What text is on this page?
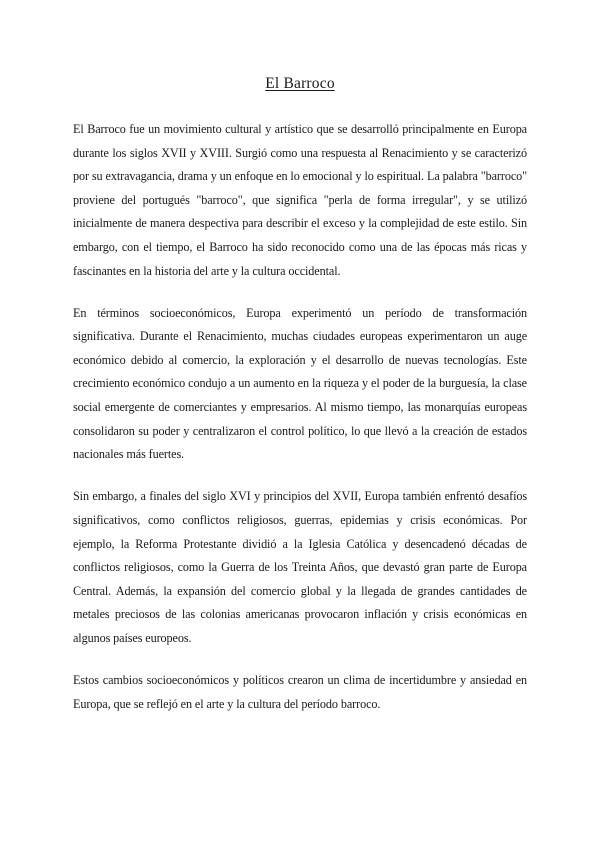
El Barroco

El Barroco fue un movimiento cultural y artístico que se desarrolló principalmente en Europa durante los siglos XVII y XVIII. Surgió como una respuesta al Renacimiento y se caracterizó por su extravagancia, drama y un enfoque en lo emocional y lo espiritual. La palabra "barroco" proviene del portugués "barroco", que significa "perla de forma irregular", y se utilizó inicialmente de manera despectiva para describir el exceso y la complejidad de este estilo. Sin embargo, con el tiempo, el Barroco ha sido reconocido como una de las épocas más ricas y fascinantes en la historia del arte y la cultura occidental.

En términos socioeconómicos, Europa experimentó un período de transformación significativa. Durante el Renacimiento, muchas ciudades europeas experimentaron un auge económico debido al comercio, la exploración y el desarrollo de nuevas tecnologías. Este crecimiento económico condujo a un aumento en la riqueza y el poder de la burguesía, la clase social emergente de comerciantes y empresarios. Al mismo tiempo, las monarquías europeas consolidaron su poder y centralizaron el control político, lo que llevó a la creación de estados nacionales más fuertes.

Sin embargo, a finales del siglo XVI y principios del XVII, Europa también enfrentó desafíos significativos, como conflictos religiosos, guerras, epidemias y crisis económicas. Por ejemplo, la Reforma Protestante dividió a la Iglesia Católica y desencadenó décadas de conflictos religiosos, como la Guerra de los Treinta Años, que devastó gran parte de Europa Central. Además, la expansión del comercio global y la llegada de grandes cantidades de metales preciosos de las colonias americanas provocaron inflación y crisis económicas en algunos países europeos.

Estos cambios socioeconómicos y políticos crearon un clima de incertidumbre y ansiedad en Europa, que se reflejó en el arte y la cultura del período barroco.
